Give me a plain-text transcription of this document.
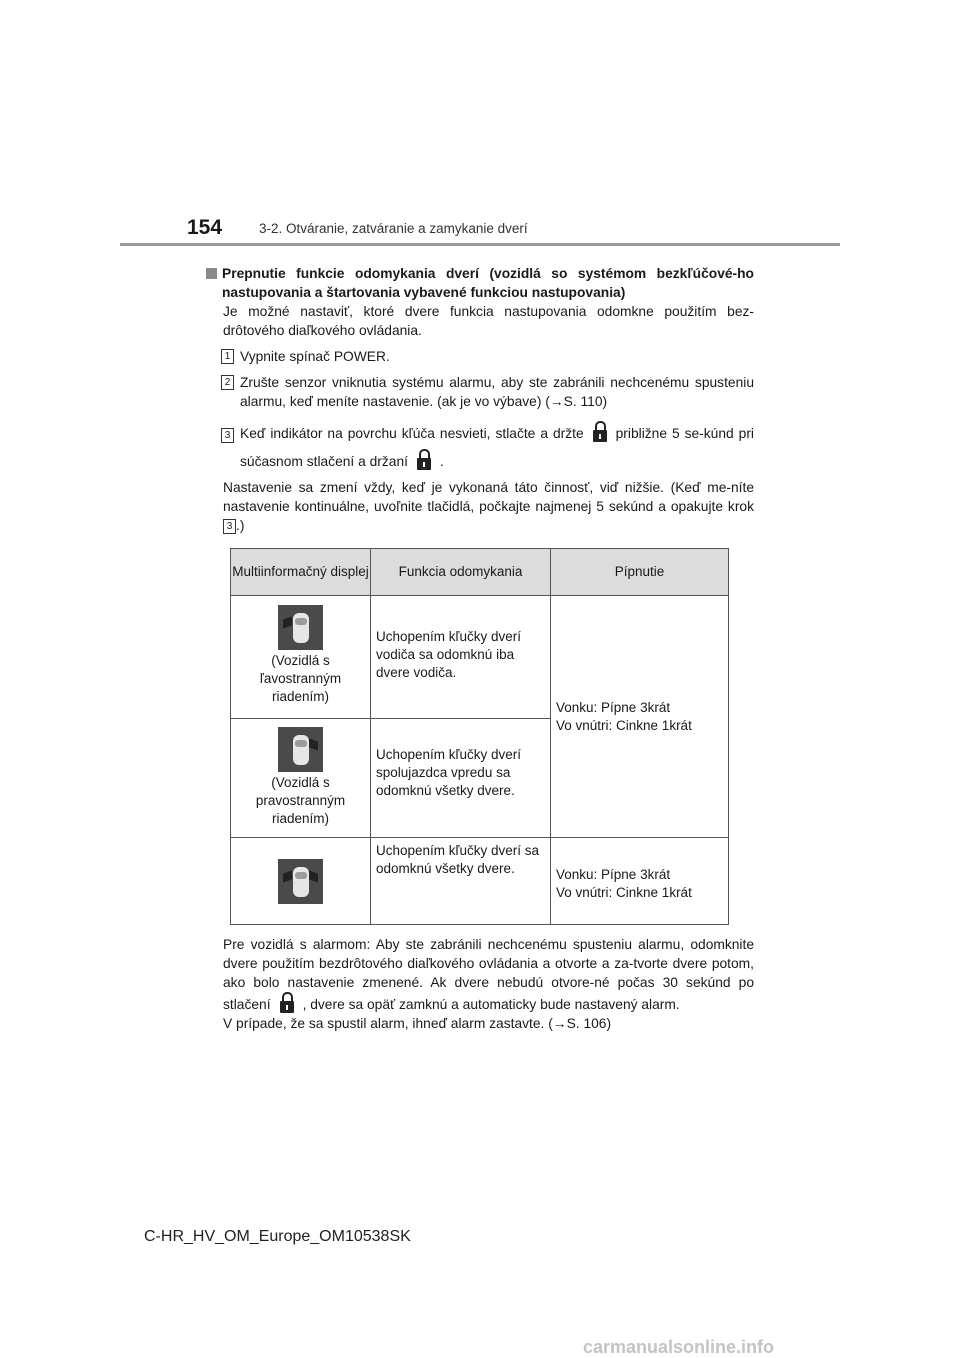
154	3-2. Otváranie, zatváranie a zamykanie dverí
Prepnutie funkcie odomykania dverí (vozidlá so systémom bezkľúčové-ho nastupovania a štartovania vybavené funkciou nastupovania)
Je možné nastaviť, ktoré dvere funkcia nastupovania odomkne použitím bez-drôtového diaľkového ovládania.
1 Vypnite spínač POWER.
2 Zrušte senzor vniknutia systému alarmu, aby ste zabránili nechcenému spusteniu alarmu, keď meníte nastavenie. (ak je vo výbave) (→S. 110)
3 Keď indikátor na povrchu kľúča nesvieti, stlačte a držte približne 5 se-kúnd pri súčasnom stlačení a držaní .
Nastavenie sa zmení vždy, keď je vykonaná táto činnosť, viď nižšie. (Keď me-níte nastavenie kontinuálne, uvoľnite tlačidlá, počkajte najmenej 5 sekúnd a opakujte krok 3 .)
Multiinformačný displej	Funkcia odomykania	Pípnutie

(Vozidlá s ľavostranným riadením)	Uchopením kľučky dverí vodiča sa odomknú iba dvere vodiča.	Vonku: Pípne 3krát
Vo vnútri: Cinkne 1krát

(Vozidlá s pravostranným riadením)	Uchopením kľučky dverí spolujazdca vpredu sa odomknú všetky dvere.	

	Uchopením kľučky dverí sa odomknú všetky dvere.	Vonku: Pípne 3krát
Vo vnútri: Cinkne 1krát

Pre vozidlá s alarmom: Aby ste zabránili nechcenému spusteniu alarmu, odomknite dvere použitím bezdrôtového diaľkového ovládania a otvorte a za-tvorte dvere potom, ako bolo nastavenie zmenené. Ak dvere nebudú otvore-né počas 30 sekúnd po stlačení , dvere sa opäť zamknú a automaticky bude nastavený alarm.
V prípade, že sa spustil alarm, ihneď alarm zastavte. (→S. 106)
C-HR_HV_OM_Europe_OM10538SK
carmanualsonline.info
